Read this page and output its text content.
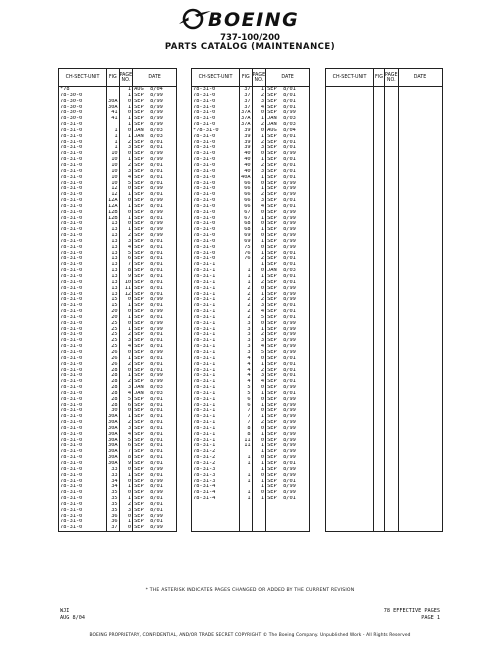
BOEING
737-100/200
PARTS CATALOG (MAINTENANCE)
CH-SECT-UNIT	FIG	PAGE NO.	DATE
*78		1	AUG 8/04
78-30-0		1	SEP 8/99
78-30-0	30A	0	SEP 8/99
78-30-0	30A	1	SEP 8/99
78-30-0	41	0	SEP 8/99
78-30-0	41	1	SEP 8/99
78-31-0		1	SEP 8/99
78-31-0	1	0	JAN 8/03
78-31-0	1	1	JAN 8/03
78-31-0	1	2	SEP 8/01
78-31-0	1	3	SEP 8/01
78-31-0	10	0	SEP 8/99
78-31-0	10	1	SEP 8/99
78-31-0	10	2	SEP 8/01
78-31-0	10	3	SEP 8/01
78-31-0	10	4	SEP 8/01
78-31-0	10	5	SEP 8/01
78-31-0	12	0	SEP 8/99
78-31-0	12	1	SEP 8/01
78-31-0	12A	0	SEP 8/99
78-31-0	12A	1	SEP 8/01
78-31-0	12B	0	SEP 8/99
78-31-0	12B	1	SEP 8/01
78-31-0	13	0	SEP 8/99
78-31-0	13	1	SEP 8/99
78-31-0	13	2	SEP 8/99
78-31-0	13	3	SEP 8/01
78-31-0	13	4	SEP 8/01
78-31-0	13	5	SEP 8/01
78-31-0	13	6	SEP 8/01
78-31-0	13	7	SEP 8/01
78-31-0	13	8	SEP 8/01
78-31-0	13	9	SEP 8/01
78-31-0	13	10	SEP 8/01
78-31-0	13	11	SEP 8/01
78-31-0	13	12	SEP 8/01
78-31-0	15	0	SEP 8/99
78-31-0	15	1	SEP 8/01
78-31-0	20	0	SEP 8/99
78-31-0	20	1	SEP 8/01
78-31-0	25	0	SEP 8/99
78-31-0	25	1	SEP 8/99
78-31-0	25	2	SEP 8/01
78-31-0	25	3	SEP 8/01
78-31-0	25	4	SEP 8/01
78-31-0	26	0	SEP 8/99
78-31-0	26	1	SEP 8/01
78-31-0	26	2	SEP 8/01
78-31-0	28	0	SEP 8/01
78-31-0	28	1	SEP 8/99
78-31-0	28	2	SEP 8/99
78-31-0	28	3	JAN 8/03
78-31-0	28	4	JAN 8/03
78-31-0	28	5	SEP 8/01
78-31-0	28	6	SEP 8/01
78-31-0	30	0	SEP 8/01
78-31-0	30A	1	SEP 8/01
78-31-0	30A	2	SEP 8/01
78-31-0	30A	3	SEP 8/01
78-31-0	30A	4	SEP 8/01
78-31-0	30A	5	SEP 8/01
78-31-0	30A	6	SEP 8/01
78-31-0	30A	7	SEP 8/01
78-31-0	30A	8	SEP 8/01
78-31-0	30A	9	SEP 8/01
78-31-0	33	0	SEP 8/99
78-31-0	33	1	SEP 8/01
78-31-0	34	0	SEP 8/99
78-31-0	34	1	SEP 8/01
78-31-0	35	0	SEP 8/99
78-31-0	35	1	SEP 8/01
78-31-0	35	2	SEP 8/01
78-31-0	35	3	SEP 8/01
78-31-0	36	0	SEP 8/99
78-31-0	36	1	SEP 8/01
78-31-0	37	0	SEP 8/99
CH-SECT-UNIT	FIG	PAGE NO.	DATE
78-31-0	37	1	SEP 8/01
78-31-0	37	2	SEP 8/01
78-31-0	37	3	SEP 8/01
78-31-0	37	4	SEP 8/01
78-31-0	37A	0	SEP 8/99
78-31-0	37A	1	JAN 8/03
78-31-0	37A	2	JAN 8/03
*78-31-0	39	0	AUG 8/04
78-31-0	39	1	SEP 8/01
78-31-0	39	2	SEP 8/01
78-31-0	39	3	SEP 8/01
78-31-0	40	0	SEP 8/99
78-31-0	40	1	SEP 8/01
78-31-0	40	2	SEP 8/01
78-31-0	40	3	SEP 8/01
78-31-0	40A	1	SEP 8/01
78-31-0	66	0	SEP 8/99
78-31-0	66	1	SEP 8/99
78-31-0	66	2	SEP 8/99
78-31-0	66	3	SEP 8/01
78-31-0	66	4	SEP 8/01
78-31-0	67	0	SEP 8/99
78-31-0	67	1	SEP 8/99
78-31-0	68	0	SEP 8/99
78-31-0	68	1	SEP 8/99
78-31-0	69	0	SEP 8/99
78-31-0	69	1	SEP 8/99
78-31-0	75	0	SEP 8/99
78-31-0	76	1	SEP 8/01
78-31-0	76	2	SEP 8/01
78-31-1		1	SEP 8/01
78-31-1	1	0	JAN 8/03
78-31-1	1	1	SEP 8/01
78-31-1	1	2	SEP 8/01
78-31-1	2	0	SEP 8/99
78-31-1	2	1	SEP 8/99
78-31-1	2	2	SEP 8/99
78-31-1	2	3	SEP 8/01
78-31-1	2	4	SEP 8/01
78-31-1	2	5	SEP 8/01
78-31-1	3	0	SEP 8/99
78-31-1	3	1	SEP 8/99
78-31-1	3	2	SEP 8/99
78-31-1	3	3	SEP 8/99
78-31-1	3	4	SEP 8/99
78-31-1	3	5	SEP 8/99
78-31-1	4	0	SEP 8/01
78-31-1	4	1	SEP 8/01
78-31-1	4	2	SEP 8/01
78-31-1	4	3	SEP 8/01
78-31-1	4	4	SEP 8/01
78-31-1	5	0	SEP 8/99
78-31-1	5	1	SEP 8/01
78-31-1	6	0	SEP 8/99
78-31-1	6	1	SEP 8/99
78-31-1	7	0	SEP 8/99
78-31-1	7	1	SEP 8/99
78-31-1	7	2	SEP 8/99
78-31-1	8	0	SEP 8/99
78-31-1	8	1	SEP 8/99
78-31-1	11	0	SEP 8/99
78-31-1	11	1	SEP 8/99
78-31-2		1	SEP 8/99
78-31-2	1	0	SEP 8/99
78-31-2	1	1	SEP 8/01
78-31-3		1	SEP 8/99
78-31-3	1	0	SEP 8/99
78-31-3	1	1	SEP 8/01
78-31-4		1	SEP 8/99
78-31-4	1	0	SEP 8/99
78-31-4	1	1	SEP 8/01

CH-SECT-UNIT	FIG	PAGE NO.	DATE

* THE ASTERISK INDICATES PAGES CHANGED OR ADDED BY THE CURRENT REVISION
WJI
AUG 8/04
78 EFFECTIVE PAGES
PAGE 1
BOEING PROPRIETARY, CONFIDENTIAL, AND/OR TRADE SECRET COPYRIGHT © The Boeing Company. Unpublished Work - All Rights Reserved
